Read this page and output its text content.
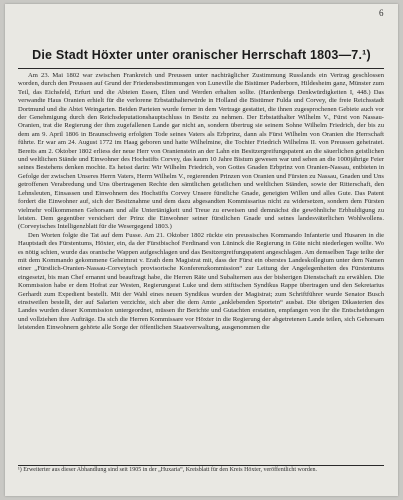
6
Die Stadt Höxter unter oranischer Herrschaft 1803—7.¹)

Am 23. Mai 1802 war zwischen Frankreich und Preussen unter nachträglicher Zustimmung Russlands ein Vertrag geschlossen worden, durch den Preussen auf Grund der Friedensbestimmungen von Luneville die Bistümer Paderborn, Hildesheim ganz, Münster zum Teil, das Eichsfeld, Erfurt und die Abteien Essen, Elten und Werden erhalten sollte. (Hardenbergs Denkwürdigkeiten I, 448.) Das verwandte Haus Oranien erhielt für die verlorene Erbstatthalterwürde in Holland die Bistümer Fulda und Corvey, die freie Reichsstadt Dortmund und die Abtei Weingarten. Beiden Parteien wurde ferner in dem Vertrage gestattet, die ihnen zugesprochenen Gebiete auch vor der Genehmigung durch den Reichsdeputationshauptschluss in Besitz zu nehmen. Der Erbstatthalter Wilhelm V., Fürst von Nassau-Oranien, trat die Regierung der ihm zugefallenen Lande gar nicht an, sondern übertrug sie seinem Sohne Wilhelm Friedrich, der bis zu dem am 9. April 1806 in Braunschweig erfolgten Tode seines Vaters als Erbprinz, dann als Fürst Wilhelm von Oranien die Herrschaft führte. Er war am 24. August 1772 im Haag geboren und hatte Wilhelmine, die Tochter Friedrich Wilhelms II. von Preussen geheiratet. Bereits am 2. Oktober 1802 erliess der neue Herr von Oranienstein an der Lahn ein Besitzergreifungspatent an die säuerlichen geistlichen und weltlichen Stände und Einwohner des Hochstifts Corvey, das kaum 10 Jahre Bistum gewesen war und sehen an die 1000jährige Feier seines Bestehens denken mochte. Es heisst darin: Wir Wilhelm Friedrich, von Gottes Gnaden Erbprinz von Oranien-Nassau, entbieten in Gefolge der zwischen Unseres Herrn Vaters, Herrn Wilhelm V., regierenden Prinzen von Oranien und Fürsten zu Nassau, Gnaden und Uns getroffenen Verabredung und Uns übertragenen Rechte den sämtlichen geistlichen und weltlichen Ständen, sowie der Ritterschaft, den Lehnsleuten, Einsassen und Einwohnern des Hochstifts Corvey Unsere fürstliche Gnade, geneigten Willen und alles Gute. Das Patent fordert die Einwohner auf, sich der Besitznahme und dem dazu abgesandten Kommissarius nicht zu widersetzen, sondern dem Fürsten vielmehr vollkommenen Gehorsam und alle Untertänigkeit und Treue zu erweisen und demnächst die gewöhnliche Erbhuldigung zu leisten. Dem gegenüber versichert der Prinz die Einwohner seiner fürstlichen Gnade und seines landesväterlichen Wohlwollens. (Corveyisches Intelligenzblatt für die Wesergegend 1803.)

Den Worten folgte die Tat auf dem Fusse. Am 21. Oktober 1802 rückte ein preussisches Kommando Infanterie und Husaren in die Hauptstadt des Fürstentums, Höxter, ein, da der Fürstbischof Ferdinand von Lüninck die Regierung in Güte nicht niederlegen wollte. Wo es nötig schien, wurde das oranische Wappen aufgeschlagen und das Besitzergreifungspatent angeschlagen. Am demselben Tage teilte der mit dem Kommando gekommene Geheimrat v. Erath dem Magistrat mit, dass der Fürst ein oberstes Landeskollegium unter dem Namen einer „Fürstlich-Oranien-Nassau-Corveyisch provisorische Konferenzkommission“ zur Leitung der Angelegenheiten des Fürstentums eingesetzt, bis man Chef ernannt und beauftragt habe, die Herren Räte und Subalternen aus der bisherigen Dienstschaft zu erwählen. Die Kommission habe er dem Hofrat zur Westen, Regierungsrat Luke und dem stiftischen Syndikus Rappe übertragen und den Sekretarius Gerhardt zum Expedient bestellt. Mit der Wahl eines neuen Syndikus wurden der Magistrat; zum Schriftführer wurde Senator Busch einstweilen bestellt, der auf Salarien verzichte, sich aber die dem Amte „anklebenden Sportein“ ausbat. Die übrigen Dikasterien des Landes wurden dieser Kommission untergeordnet, müssen ihr Berichte und Gutachten erstatten, empfangen von ihr die Entscheidungen und vollziehen ihre Aufträge. Da sich die Herren Kommissare vor Höxter in die Regierung der abgetretenen Lande teilen, sich Gehorsam leistenden Einwohnern gehörte alle Sorge der öffentlichen Staatsverwaltung, ausgenommen die

¹) Erweiterter aus dieser Abhandlung sind seit 1905 in der „Huxaria“, Kreisblatt für den Kreis Höxter, veröffentlicht worden.
